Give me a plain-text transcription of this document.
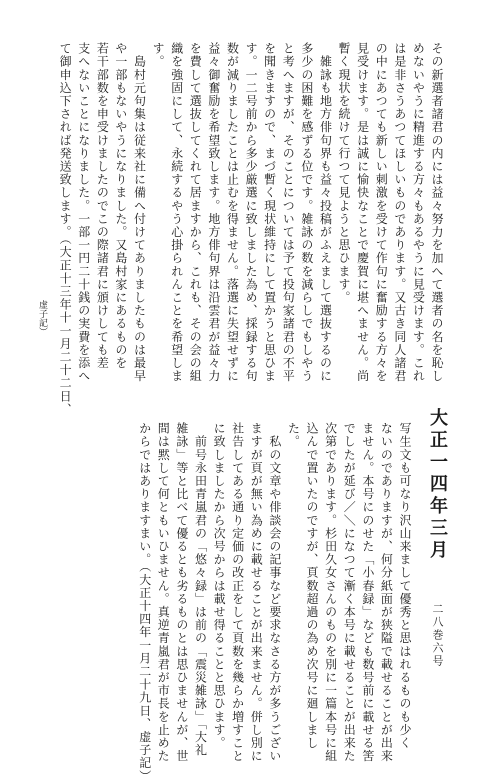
その新選者諸君の内には益々努力を加へて選者の名を恥し
めないやうに精進する方々もあるやうに見受けます。これ
は是非さうあつてほしいものであります。又古き同人諸君
の中にあつても新しい刺激を受けて作句に奮励する方々を
見受けます。是は誠に愉快なことで慶賀に堪へません。尚
暫く現状を続けて行つて見ようと思ひます。
　雑詠も地方俳句界も益々投稿がふえまして選抜するのに
多少の困難を感ずる位です。雑詠の数を減らしでもしやう
と考へますが、そのことについては予て投句家諸君の不平
を聞きますので、まづ暫く現状維持にして置かうと思ひま
す。一二号前から多少厳選に致しました為め、採録する句
数が減りましたことは止むを得ません。落選に失望せずに
益々御奮励を希望致します。地方俳句界は沿雲君が益々力
を費して選抜してくれて居ますから、これも、その会の組
織を強固にして、永続するやう心掛られんことを希望しま
す。
　島村元句集は従来社に備へ付けてありましたものは最早
や一部もないやうになりました。又島村家にあるものを
若干部数を申受けましたのでこの際諸君に頒けしても差
支へないことになりました。一部一円二十銭の実費を添へ
て御申込下されば発送致します。（大正十三年十一月二十二日、

虚子記）

大正一四年三月
二八巻六号

写生文も可なり沢山来まして優秀と思はれるものも少く
ないのでありますが、何分紙面が狭隘で載せることが出来
ません。本号にのせた「小春録」なども数号前に載せる筈
でしたが延び／＼になつて漸く本号に載せることが出来た
次第であります。杉田久女さんのものを別に一篇本号に組
込んで置いたのですが、頁数超過の為め次号に廻しまし
た。
　私の文章や俳談会の記事など要求なさる方が多うござい
ますが頁が無い為めに載せることが出来ません。併し別に
社告してある通り定価の改正をして頁数を幾らか増すこと
に致しましたから次号からは載せ得ることと思ひます。
　前号永田青嵐君の「悠々録」は前の「震災雑詠」「大礼
雑詠」等と比べて優るとも劣るものとは思ひませんが、世
間は黙して何ともいひません。真逆青嵐君が市長を止めた
からではありますまい。（大正十四年一月二十九日、虚子記）
